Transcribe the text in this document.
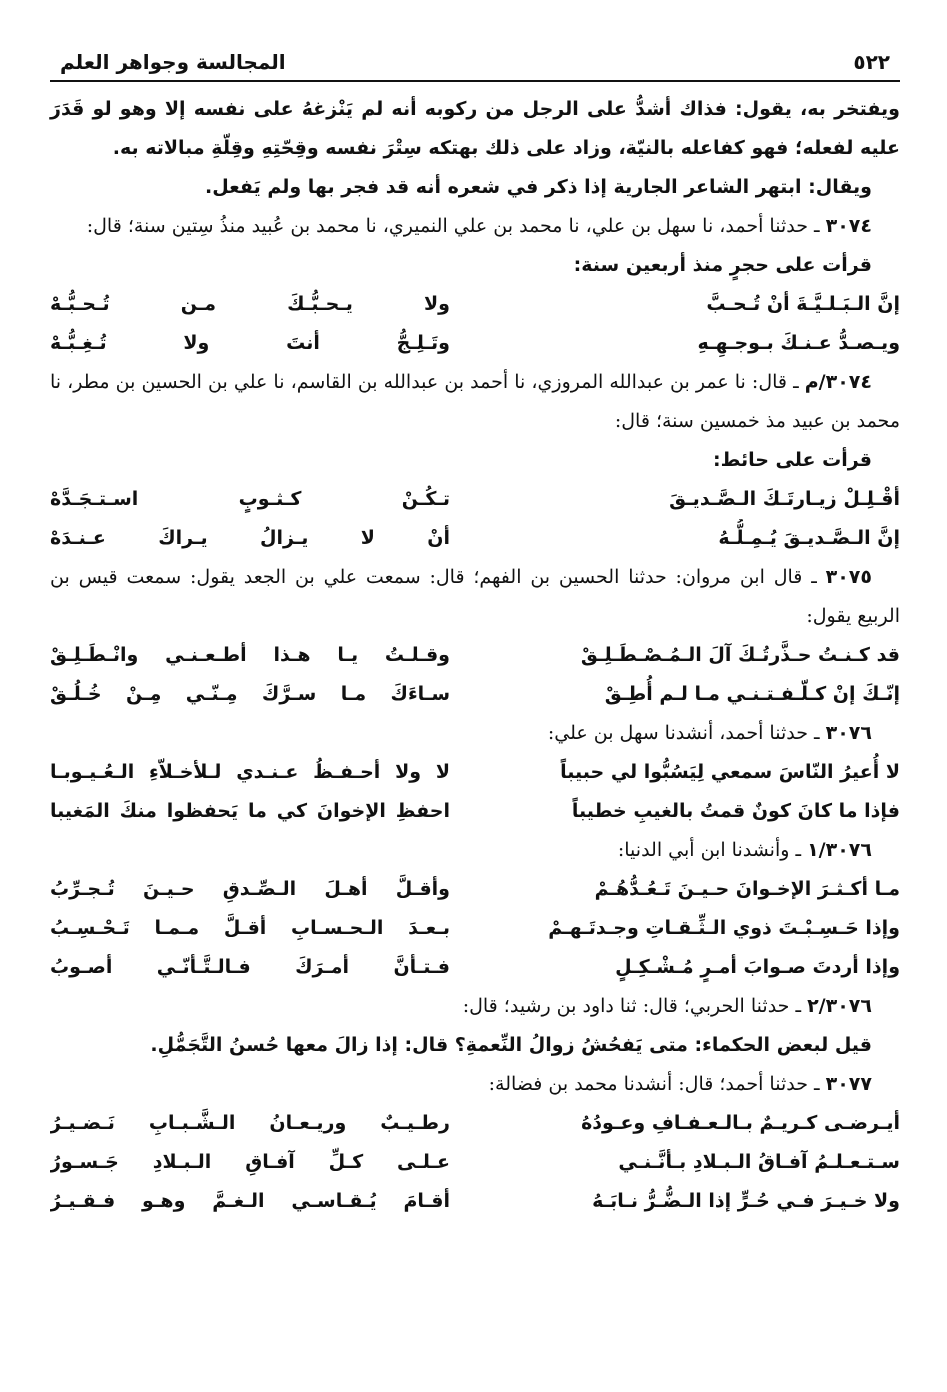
٥٢٢
المجالسة وجواهر العلم
ويفتخر به، يقول: فذاك أشدُّ على الرجل من ركوبه أنه لم يَنْزغهُ على نفسه إلا وهو لو قَدَرَ عليه لفعله؛ فهو كفاعله بالنيّة، وزاد على ذلك بهتكه سِتْرَ نفسه وقِحّتِهِ وقِلّةِ مبالاته به.
ويقال: ابتهر الشاعر الجارية إذا ذكر في شعره أنه قد فجر بها ولم يَفعل.
٣٠٧٤ ـ حدثنا أحمد، نا سهل بن علي، نا محمد بن علي النميري، نا محمد بن عُبيد منذُ سِتين سنة؛ قال:
قرأت على حجرٍ منذ أربعين سنة:
إنَّ الـبَـلـيَّـةَ أنْ تُـحـبَّ
ولا يـحـبُّـكَ مـن تُـحـبُّـهْ
ويـصـدُّ عـنـكَ بـوجـهِـهِ
وتَـلِـجُّ أنتَ ولا تُـغِـبُّـهْ
٣٠٧٤/م ـ قال: نا عمر بن عبدالله المروزي، نا أحمد بن عبدالله بن القاسم، نا علي بن الحسين بن مطر، نا محمد بن عبيد مذ خمسين سنة؛ قال:
قرأت على حائط:
أقْـلِـلْ زيـارتَـكَ الـصَّـديـقَ
تـكُـنْ كـثـوبٍ اسـتـجَـدَّهْ
إنَّ الـصَّـديـقَ يُـمِـلُّـهُ
أنْ لا يـزالُ يـراكَ عـنـدَهْ
٣٠٧٥ ـ قال ابن مروان: حدثنا الحسين بن الفهم؛ قال: سمعت علي بن الجعد يقول: سمعت قيس بن الربيع يقول:
قد كـنـتُ حـذَّرتُـكَ آلَ الـمُـصْـطَـلِـقْ
وقـلـتُ يـا هـذا أطـعـنـي وانْـطَـلِـقْ
إنّـكَ إنْ كـلّـفـتـنـي مـا لـم أُطِـقْ
سـاءَكَ مـا سـرَّكَ مِـنّـي مِـنْ خُـلُـقْ
٣٠٧٦ ـ حدثنا أحمد، أنشدنا سهل بن علي:
لا أُعيرُ النّاسَ سمعي لِيَسُبُّوا لي حبيباً
لا ولا أحـفـظُ عـنـدي لـلأخـلاّءِ الـعُـيـوبـا
فإذا ما كانَ كونٌ قمتُ بالغيبِ خطيباً
احفظِ الإخوانَ كي ما يَحفظوا منكَ المَغيبا
١/٣٠٧٦ ـ وأنشدنا ابن أبي الدنيا:
مـا أكـثـرَ الإخـوانَ حـيـنَ تَـعُـدُّهُـمْ
وأقـلَّ أهـلَ الـصِّـدقِ حـيـنَ تُـجـرِّبُ
وإذا حَـسِـبْـتَ ذوي الـثِّـقـاتِ وجـدتَـهـمْ
بـعـدَ الـحـسـابِ أقـلَّ مـمـا تَـحْـسِـبُ
وإذا أردتَ صـوابَ أمـرٍ مُـشْـكِـلٍ
فـتـأنَّ أمـرَكَ فـالـتَّـأنّـي أصـوبُ
٢/٣٠٧٦ ـ حدثنا الحربي؛ قال: ثنا داود بن رشيد؛ قال:
قيل لبعض الحكماء: متى يَفحُشُ زوالُ النِّعمةِ؟ قال: إذا زالَ معها حُسنُ التَّجَمُّلِ.
٣٠٧٧ ـ حدثنا أحمد؛ قال: أنشدنا محمد بن فضالة:
أيـرضـى كـريـمٌ بـالـعـفـافِ وعـودُهُ
رطـيـبٌ وريـعـانُ الـشَّـبـابِ نَـضـيـرُ
سـتـعـلـمُ آفـاقُ الـبـلادِ بـأنَّـنـي
عـلـى كـلِّ آفـاقِ الـبـلادِ جَـسـورُ
ولا خـيـرَ فـي حُـرٍّ إذا الـضُّـرُّ نـابَـهُ
أقـامَ يُـقـاسـي الـغـمَّ وهـو فـقـيـرُ
